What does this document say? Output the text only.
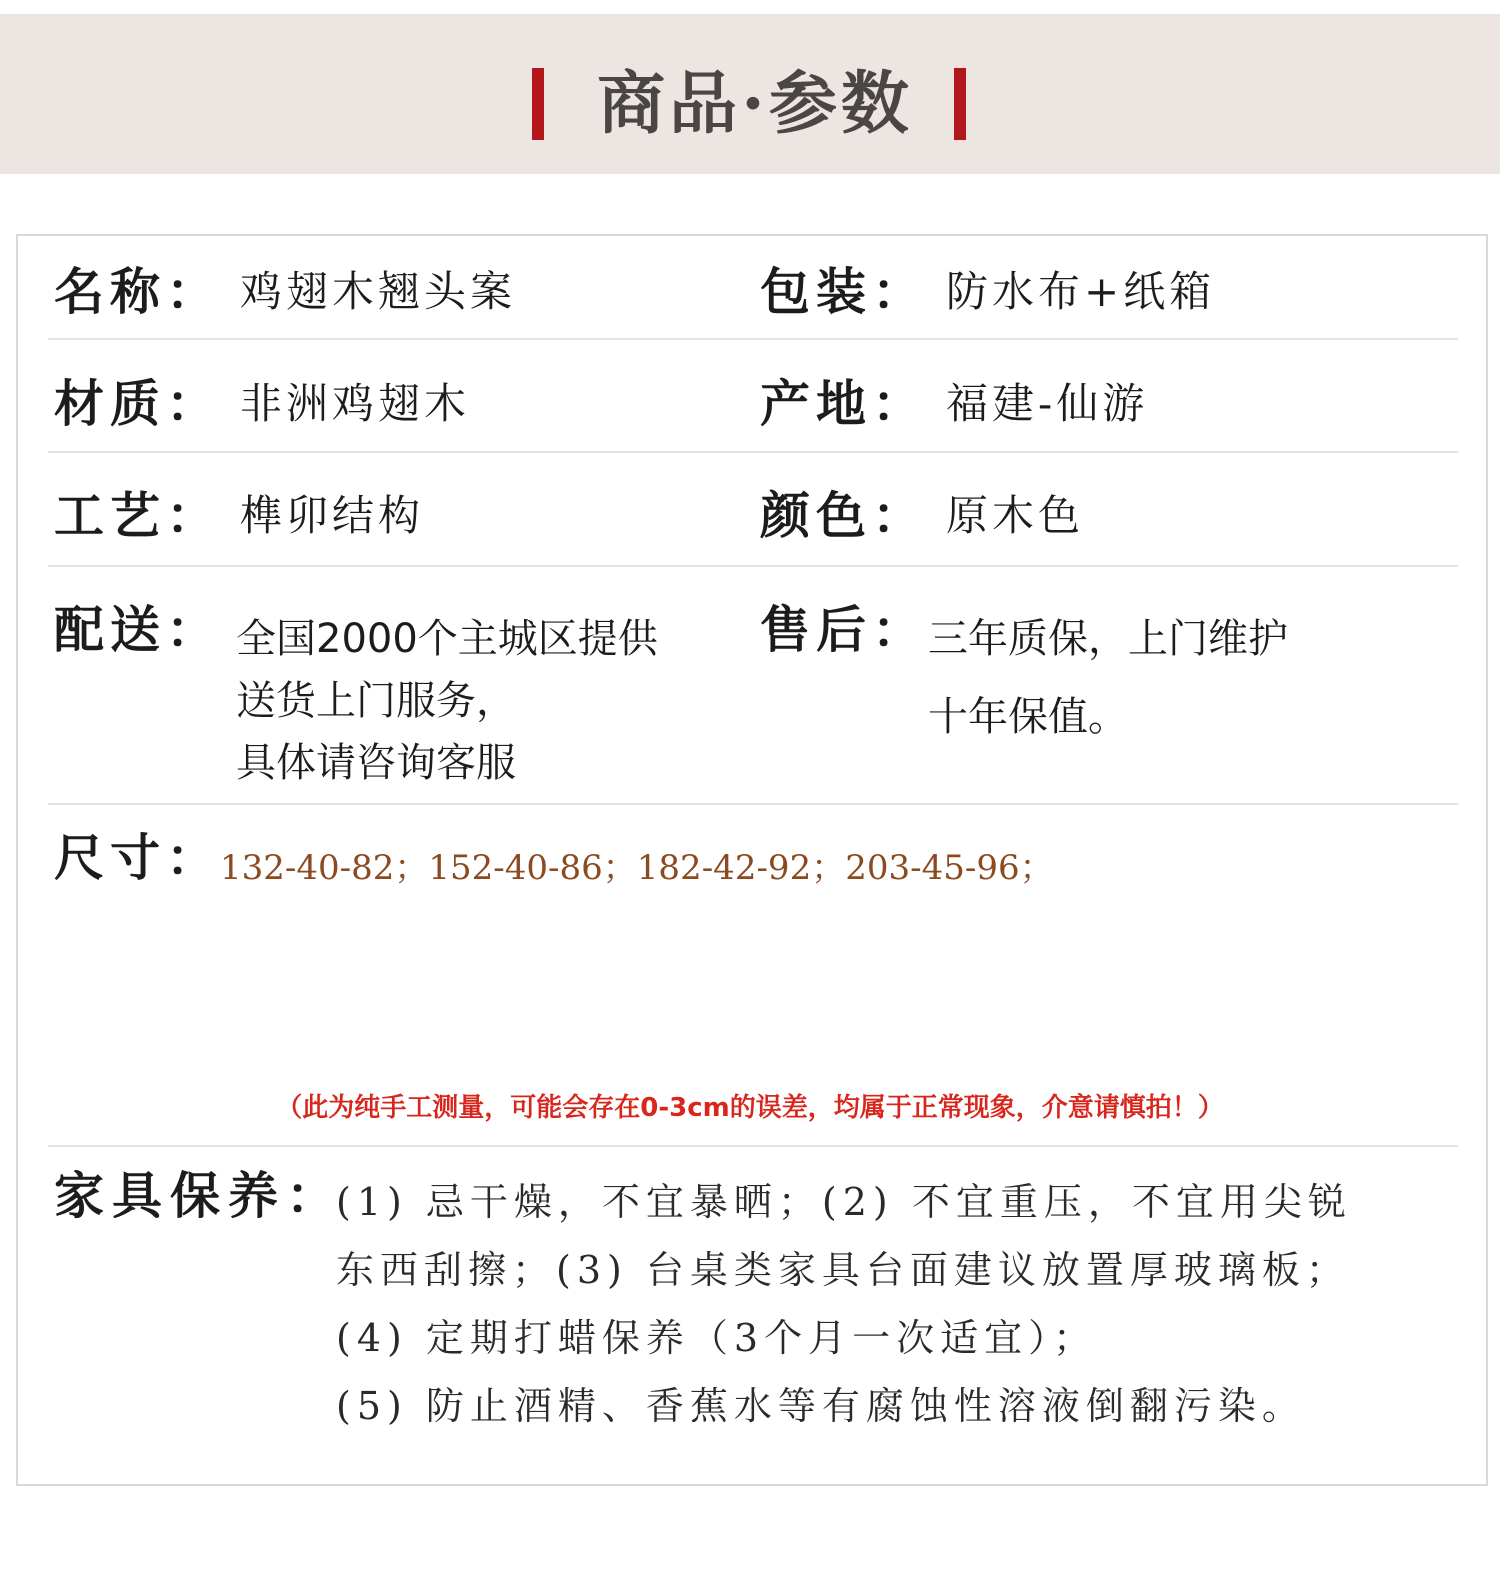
商品·参数
名称： 鸡翅木翘头案	包装： 防水布+纸箱
材质： 非洲鸡翅木	产地： 福建-仙游
工艺： 榫卯结构	颜色： 原木色
配送： 全国2000个主城区提供
送货上门服务，
具体请咨询客服
售后： 三年质保，上门维护
十年保值。
尺寸：
132-40-82；152-40-86；182-42-92；203-45-96；
（此为纯手工测量，可能会存在0-3cm的误差，均属于正常现象，介意请慎拍！）
家具保养：
(1) 忌干燥，不宜暴晒；(2) 不宜重压，不宜用尖锐
东西刮擦；(3) 台桌类家具台面建议放置厚玻璃板；
(4) 定期打蜡保养（3个月一次适宜）；
(5) 防止酒精、香蕉水等有腐蚀性溶液倒翻污染。
